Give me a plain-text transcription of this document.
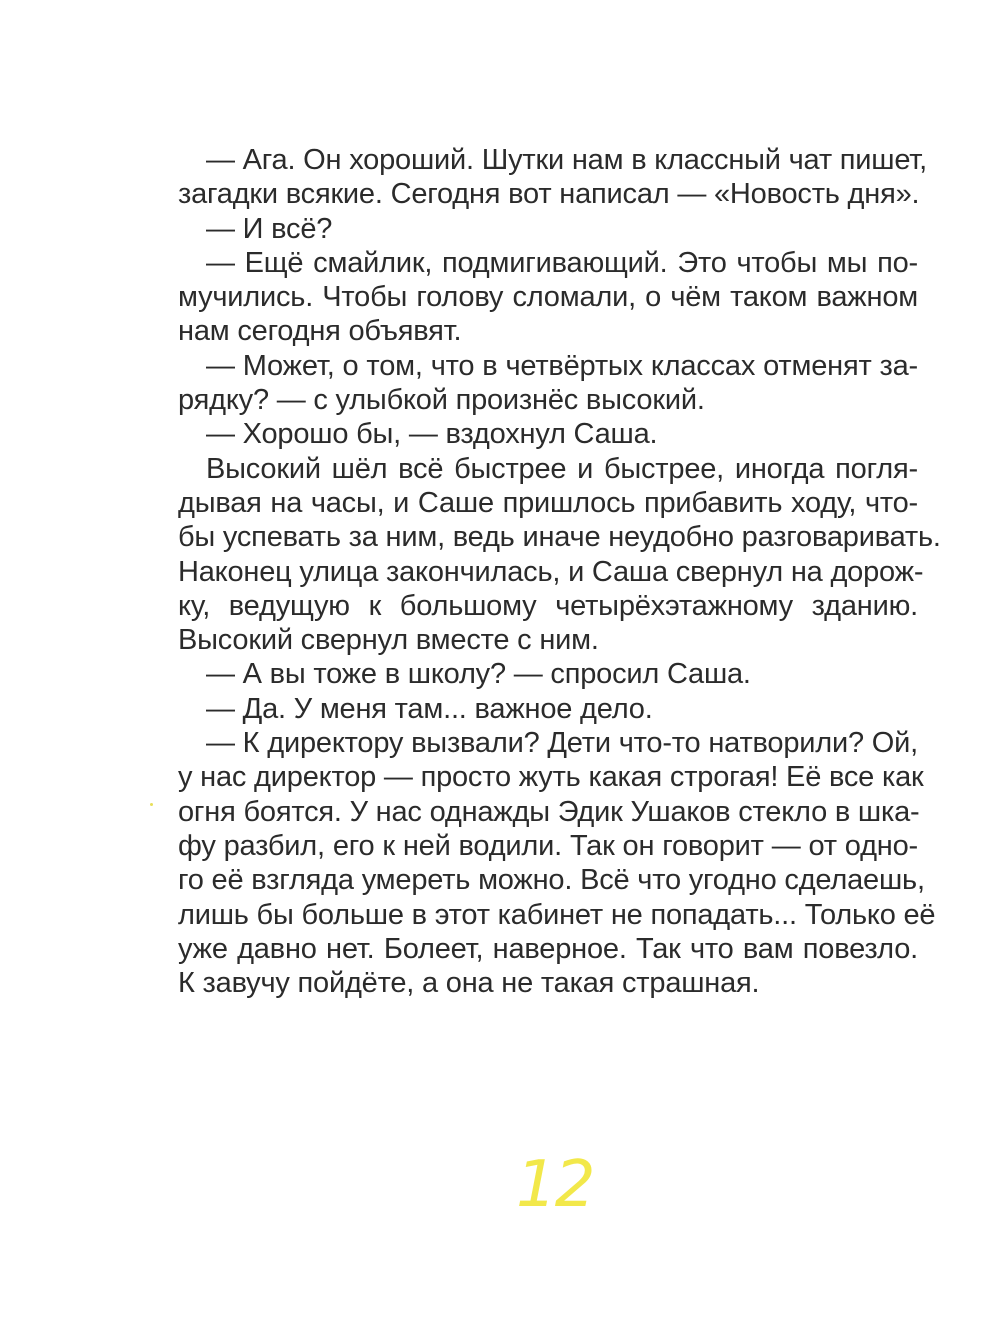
— Ага. Он хороший. Шутки нам в классный чат пишет,
загадки всякие. Сегодня вот написал — «Новость дня».
— И всё?
— Ещё смайлик, подмигивающий. Это чтобы мы по-
мучились. Чтобы голову сломали, о чём таком важном
нам сегодня объявят.
— Может, о том, что в четвёртых классах отменят за-
рядку? — с улыбкой произнёс высокий.
— Хорошо бы, — вздохнул Саша.
Высокий шёл всё быстрее и быстрее, иногда погля-
дывая на часы, и Саше пришлось прибавить ходу, что-
бы успевать за ним, ведь иначе неудобно разговаривать.
Наконец улица закончилась, и Саша свернул на дорож-
ку, ведущую к большому четырёхэтажному зданию.
Высокий свернул вместе с ним.
— А вы тоже в школу? — спросил Саша.
— Да. У меня там... важное дело.
— К директору вызвали? Дети что-то натворили? Ой,
у нас директор — просто жуть какая строгая! Её все как
огня боятся. У нас однажды Эдик Ушаков стекло в шка-
фу разбил, его к ней водили. Так он говорит — от одно-
го её взгляда умереть можно. Всё что угодно сделаешь,
лишь бы больше в этот кабинет не попадать... Только её
уже давно нет. Болеет, наверное. Так что вам повезло.
К завучу пойдёте, а она не такая страшная.
12
